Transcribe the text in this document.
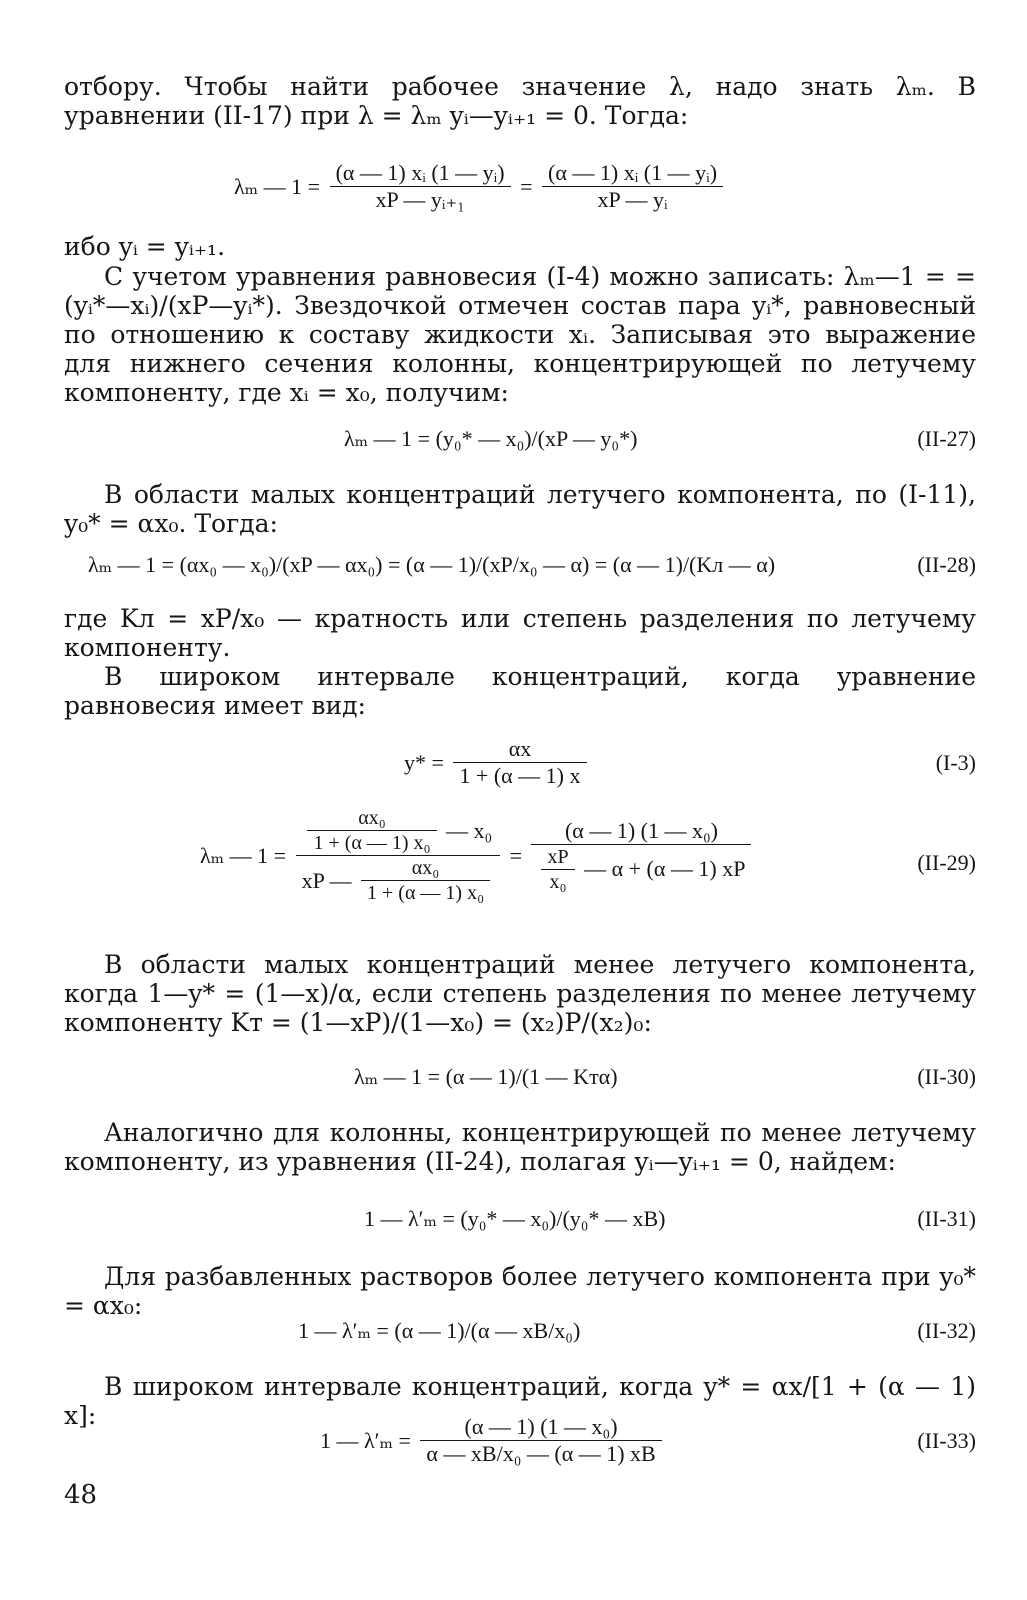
отбору. Чтобы найти рабочее значение λ, надо знать λₘ. В уравнении (II-17) при λ = λₘ yᵢ—yᵢ₊₁ = 0. Тогда:

λₘ — $1 = \frac{\text{(α — 1) xᵢ (1 — yᵢ)}}{\text{xP — yᵢ₊₁}} = \frac{\text{(α — 1) xᵢ (1 — yᵢ)}}{\text{xP — yᵢ}}$

ибо yᵢ = yᵢ₊₁.

С учетом уравнения равновесия (I-4) можно записать: λₘ—1 = = (yᵢ*—xᵢ)/(xP—yᵢ*). Звездочкой отмечен состав пара yᵢ*, равновесный по отношению к составу жидкости xᵢ. Записывая это выражение для нижнего сечения колонны, концентрирующей по летучему компоненту, где xᵢ = x₀, получим:

λₘ — 1 = (y₀* — x₀)/(xP — y₀*)	(II-27)

В области малых концентраций летучего компонента, по (I-11), y₀* = αx₀. Тогда:

λₘ — 1 = (αx₀ — x₀)/(xP — αx₀) = (α — 1)/(xP/x₀ — α) = (α — 1)/(Kл — α)	(II-28)

где Kл = xP/x₀ — кратность или степень разделения по летучему компоненту.

В широком интервале концентраций, когда уравнение равновесия имеет вид:

$y* = \frac{\alpha x}{1 + (\alpha — 1) x}$	(I-3)
λₘ — $1 = \frac{\frac{\text{αx₀}}{\text{1 + (α — 1) x₀}} — x_0}{xP — \frac{\text{αx₀}}{\text{1 + (α — 1) x₀}}} = \frac{\text{(α — 1) (1 — x₀)}}{\frac{xP}{\text{x₀}} — \alpha + (\alpha — 1) xP}$	(II-29)

В области малых концентраций менее летучего компонента, когда 1—y* = (1—x)/α, если степень разделения по менее летучему компоненту Kт = (1—xP)/(1—x₀) = (x₂)P/(x₂)₀:

λₘ — 1 = (α — 1)/(1 — Kтα)	(II-30)

Аналогично для колонны, концентрирующей по менее летучему компоненту, из уравнения (II-24), полагая yᵢ—yᵢ₊₁ = 0, найдем:

1 — λ′ₘ = (y₀* — x₀)/(y₀* — xB)	(II-31)

Для разбавленных растворов более летучего компонента при y₀* = αx₀:

1 — λ′ₘ = (α — 1)/(α — xB/x₀)	(II-32)

В широком интервале концентраций, когда y* = αx/[1 + (α — 1) x]:

1 — $\lambda'_m = \frac{\text{(α — 1) (1 — x₀)}}{\text{α — xB/x₀ — (α — 1) xB}}$	(II-33)
48
